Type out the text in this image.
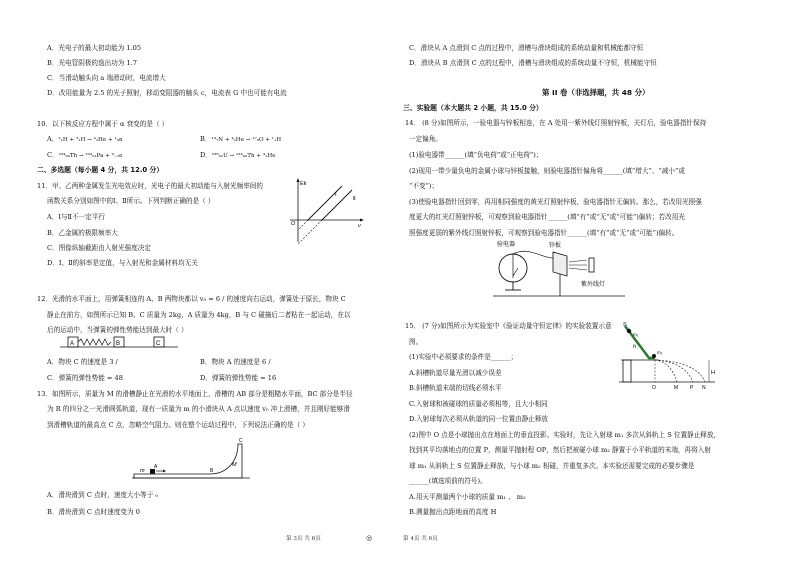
A．光电子的最大初动能为 1.05
B．光电管阴极的逸出功为 1.7
C．当滑动触头向 a 端滑动时，电流增大
D．改用能量为 2.5 的光子照射，移动变阻器的触头 c，电流表 G 中也可能有电流
10．以下核反应方程中属于 α 衰变的是（ ）
A．²₁H + ³₁H → ⁴₂He + ¹₀n	B．¹⁴₇N + ⁴₂He → ¹⁷₈O + ¹₁H
C．²³⁴₉₀Th → ²³⁴₉₁Pa + ⁰₋₁e	D．²³⁸₉₂U → ²³⁴₉₀Th + ⁴₂He
二、多选题（每小题 4 分，共 12.0 分）
11．甲、乙两种金属发生光电效应时，光电子的最大初动能与入射光频率间的
函数关系分别如图中的Ⅰ、Ⅱ所示。下列判断正确的是（ ）
A．Ⅰ与Ⅱ不一定平行
B．乙金属的极限频率大
C．图像纵轴截距由入射光强度决定
D．Ⅰ、Ⅱ的斜率是定值，与入射光和金属材料均无关
Ek
ν
O
Ⅰ
Ⅱ
12．光滑的水平面上，用弹簧相连的 A、B 两物块都以 v₀ = 6 / 的速度向右运动，弹簧处于原长，物块 C
静止在前方，如图所示已知 B、C 质量为 2kg，A 质量为 4kg，B 与 C 碰撞后二者粘在一起运动，在以
后的运动中，当弹簧的弹性势能达到最大时（ ）
A	B	C
A．物块 C 的速度是 3 /	B．物块 A 的速度是 6 /
C．弹簧的弹性势能 = 48	D．弹簧的弹性势能 = 16
13．如图所示，质量为 M 的滑槽静止在光滑的水平地面上，滑槽的 AB 部分是粗糙水平面，BC 部分是半径
为 R 的四分之一光滑圆弧轨道，现有一质量为 m 的小滑块从 A 点以速度 v₀ 冲上滑槽，并且刚好能够滑
到滑槽轨道的最高点 C 点，忽略空气阻力。则在整个运动过程中，下列说法正确的是（ ）
m
A
B
C
M
A．滑块滑到 C 点时，速度大小等于 ₀
B．滑块滑到 C 点时速度变为 0
第 3页 共 6页	◎
C．滑块从 A 点滑到 C 点的过程中，滑槽与滑块组成的系统动量和机械能都守恒
D．滑块从 B 点滑到 C 点的过程中，滑槽与滑块组成的系统动量不守恒，机械能守恒
第 II 卷（非选择题，共 48 分）
三、实验题（本大题共 2 小题，共 15.0 分）
14． (8 分)如图所示，一验电器与锌板相连，在 A 处用一紫外线灯照射锌板，关灯后，验电器指针保持
一定偏角。
(1)验电器带______(填“负电荷”或“正电荷”)；
(2)现用一带少量负电的金属小球与锌板接触，则验电器指针偏角将______(填“增大”、“减小”或
“不变”)；
(3)使验电器指针回到零，再用相同强度的黄光灯照射锌板，验电器指针无偏转。那么，若改用光照强
度更大的红光灯照射锌板，可观察到验电器指针______(填“有”或“无”或“可能”)偏转；若改用光
照强度更弱的紫外线灯照射锌板，可观察到验电器指针______(填“有”或“无”或“可能”)偏转。
验电器	锌板
紫外线灯
15． (7 分)如图所示为实验室中《验证动量守恒定律》的实验装置示意
图。
(1)实验中必须要求的条件是______；
A.斜槽轨道尽量光滑以减少误差
B.斜槽轨道末端的切线必须水平
C.入射球和被碰球的质量必须相等，且大小相同
D.入射球每次必须从轨道的同一位置由静止释放
S
h
m₁
m₂
H
O	M P N
(2)图中 O 点是小球抛出点在地面上的垂直投影。实验时，先让入射球 m₁ 多次从斜轨上 S 位置静止释放，
找到其平均落地点的位置 P，测量平抛射程 OP，然后把被碰小球 m₂ 静置于小平轨道的末端，再将入射
球 m₁ 从斜轨上 S 位置静止释放，与小球 m₂ 相碰，并重复多次。本实验还需要完成的必要步骤是
______(填选项前的符号)。
A.用天平测量两个小球的质量 m₁ 、 m₂
B.测量抛出点距地面的高度 H
第 4页 共 6页
